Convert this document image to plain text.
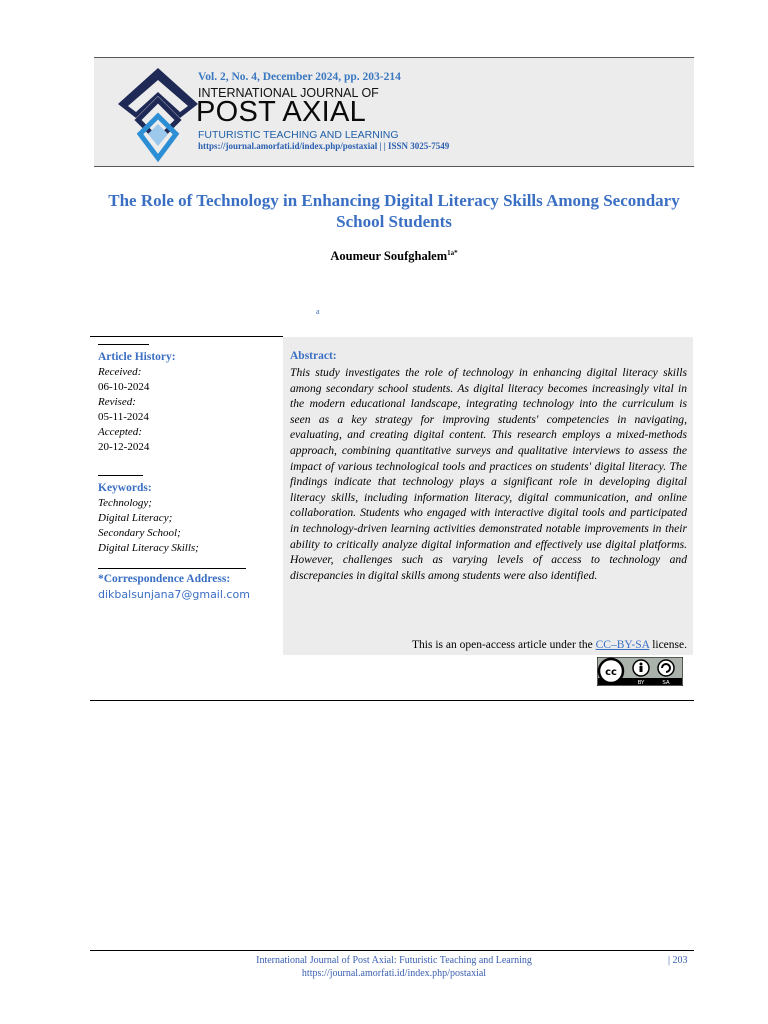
Vol. 2, No. 4, December 2024, pp. 203-214
INTERNATIONAL JOURNAL OF
POST AXIAL
FUTURISTIC TEACHING AND LEARNING
https://journal.amorfati.id/index.php/postaxial | | ISSN 3025-7549
The Role of Technology in Enhancing Digital Literacy Skills Among Secondary School Students
Aoumeur Soufghalem$^{1a*}$
a
Article History:
Received:
06-10-2024
Revised:
05-11-2024
Accepted:
20-12-2024
Keywords:
Technology;
Digital Literacy;
Secondary School;
Digital Literacy Skills;
*Correspondence Address:
dikbalsunjana7@gmail.com
Abstract:
This study investigates the role of technology in enhancing digital literacy skills among secondary school students. As digital literacy becomes increasingly vital in the modern educational landscape, integrating technology into the curriculum is seen as a key strategy for improving students' competencies in navigating, evaluating, and creating digital content. This research employs a mixed-methods approach, combining quantitative surveys and qualitative interviews to assess the impact of various technological tools and practices on students' digital literacy. The findings indicate that technology plays a significant role in developing digital literacy skills, including information literacy, digital communication, and online collaboration. Students who engaged with interactive digital tools and participated in technology-driven learning activities demonstrated notable improvements in their ability to critically analyze digital information and effectively use digital platforms. However, challenges such as varying levels of access to technology and discrepancies in digital skills among students were also identified.
This is an open-access article under the CC–BY-SA license.
cc
BY	SA
International Journal of Post Axial: Futuristic Teaching and Learning
https://journal.amorfati.id/index.php/postaxial
| 203
